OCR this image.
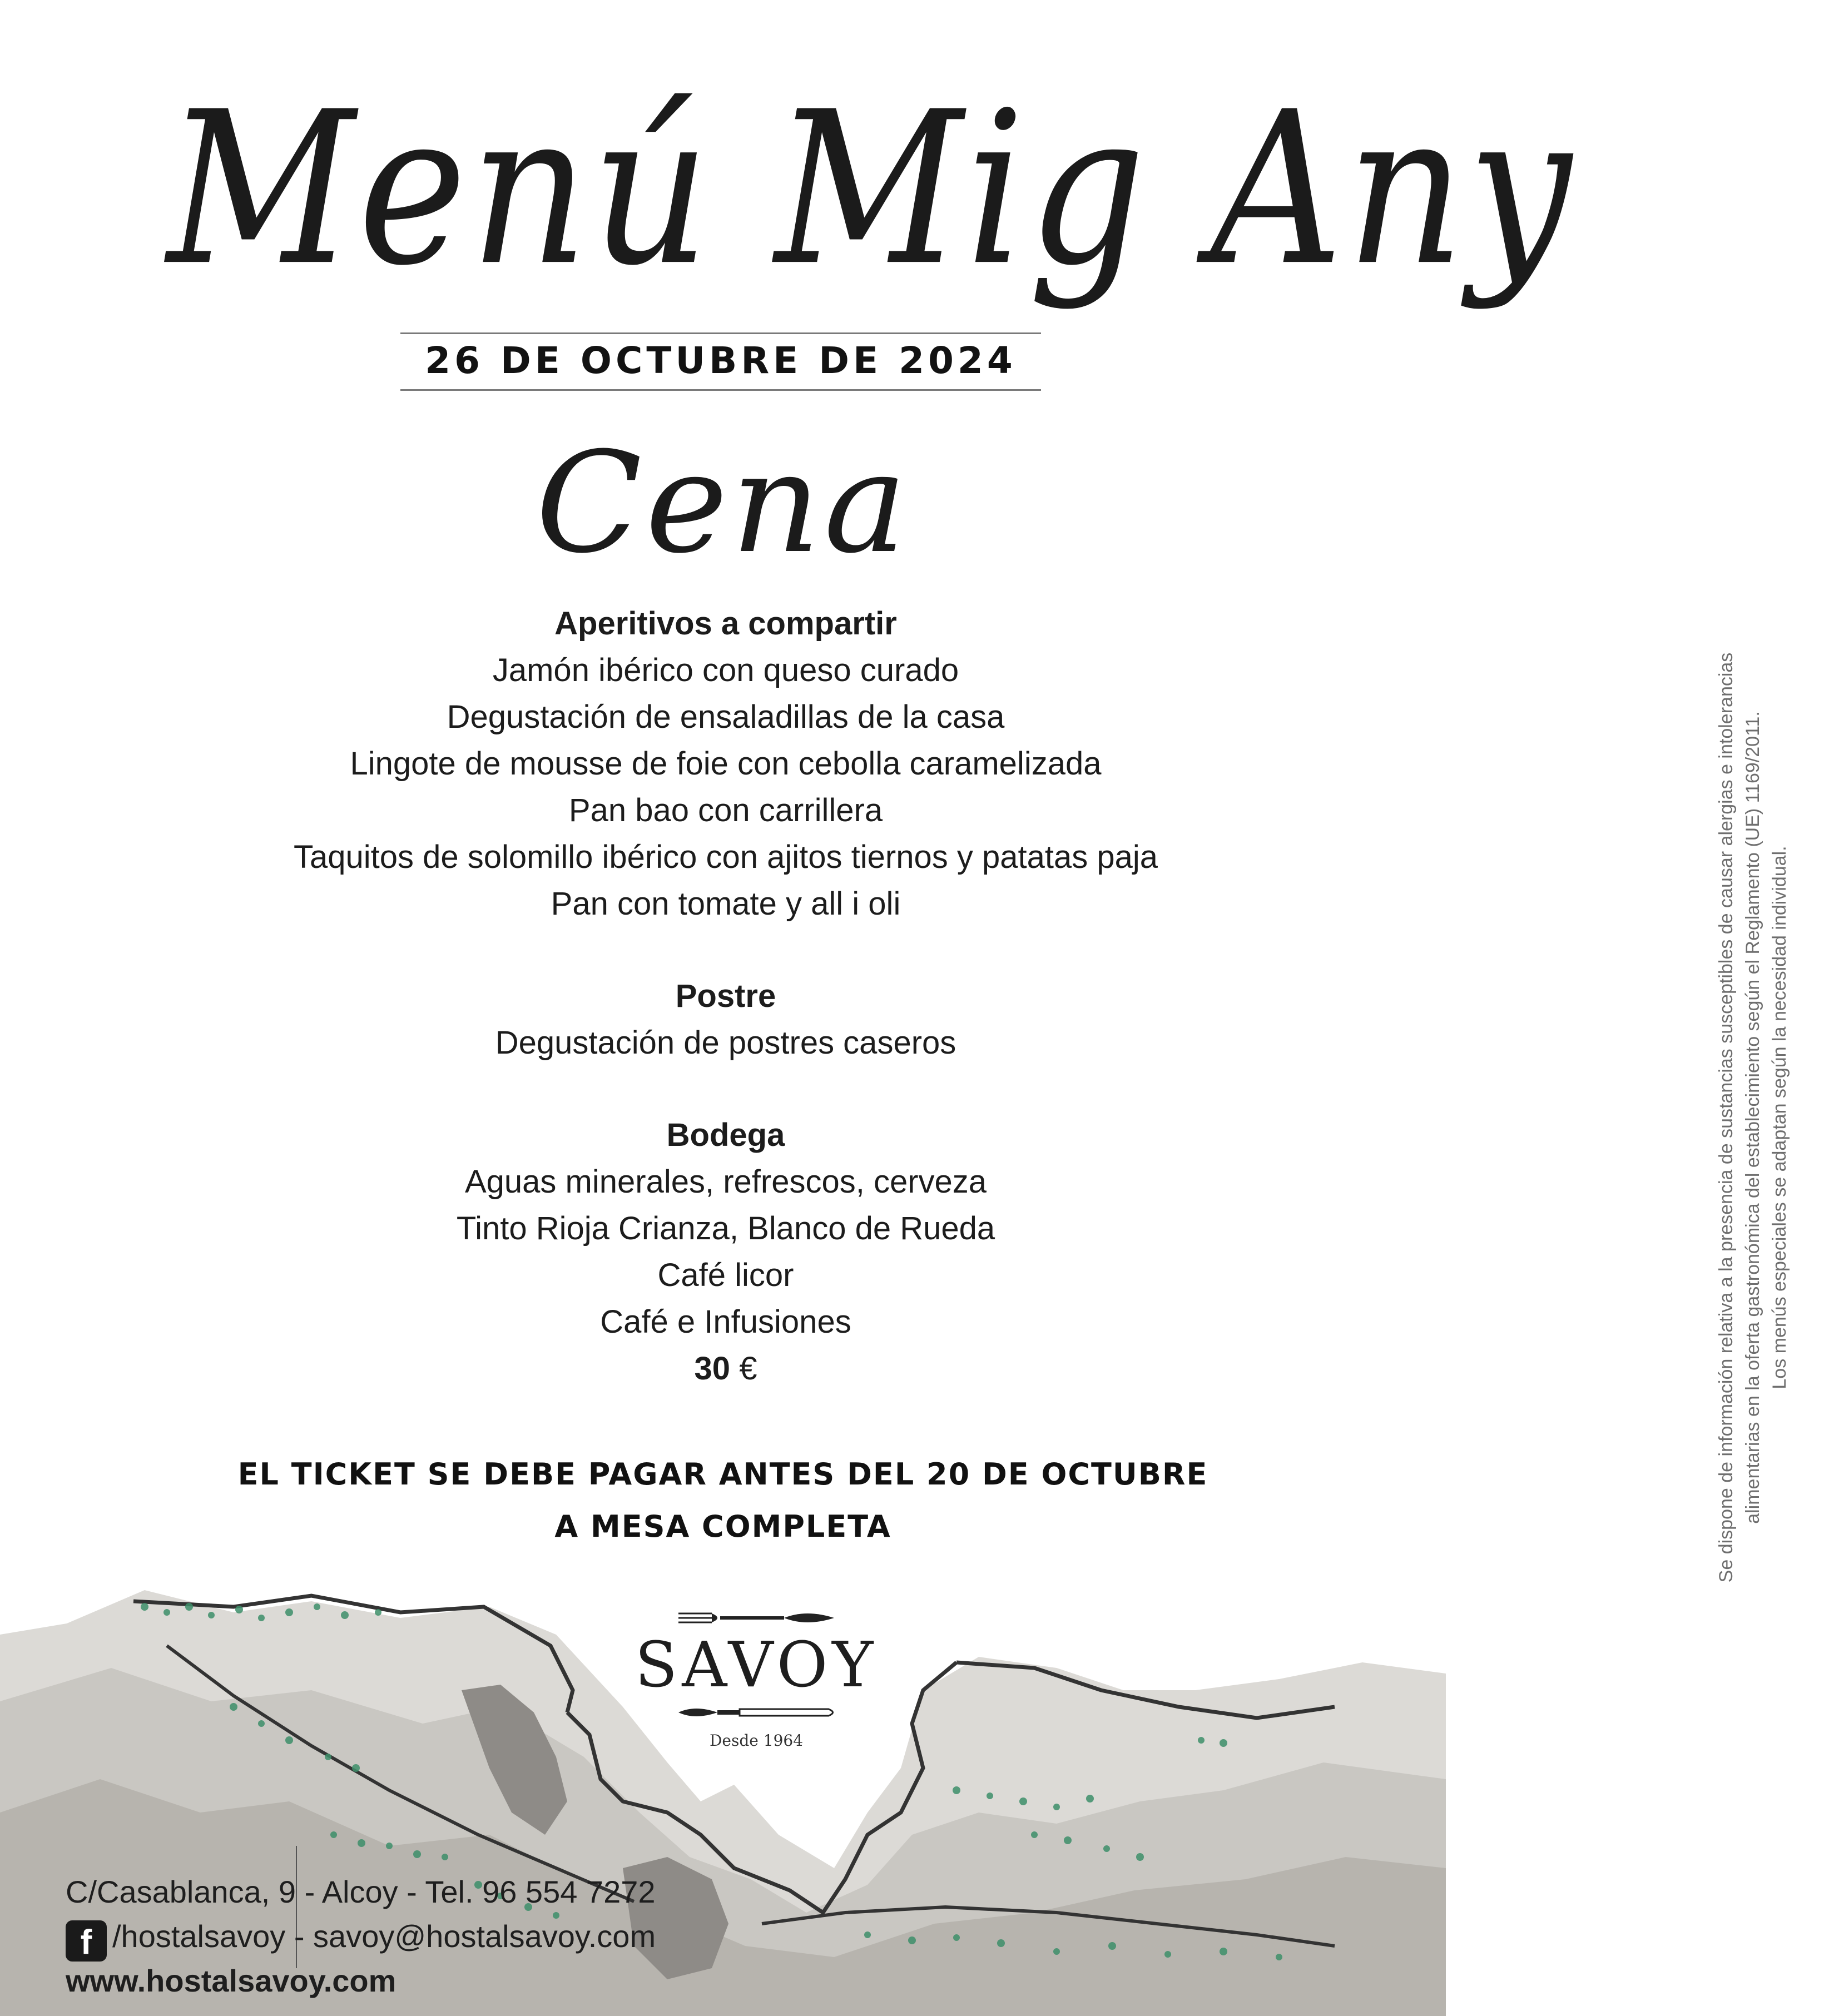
Menú Mig Any
26 DE OCTUBRE DE 2024
Cena
Aperitivos a compartir
Jamón ibérico con queso curado
Degustación de ensaladillas de la casa
Lingote de mousse de foie con cebolla caramelizada
Pan bao con carrillera
Taquitos de solomillo ibérico con ajitos tiernos y patatas paja
Pan con tomate y all i oli
Postre
Degustación de postres caseros
Bodega
Aguas minerales, refrescos, cerveza
Tinto Rioja Crianza, Blanco de Rueda
Café licor
Café e Infusiones
30 €
EL TICKET SE DEBE PAGAR ANTES DEL 20 DE OCTUBRE
A MESA COMPLETA	Se dispone de información relativa a la presencia de sustancias susceptibles de causar alergias e intolerancias alimentarias en la oferta gastronómica del establecimiento según el Reglamento (UE) 1169/2011. Los menús especiales se adaptan según la necesidad individual.
SAVOY
Desde 1964
C/Casablanca, 9 - Alcoy - Tel. 96 554 7272
f /hostalsavoy - savoy@hostalsavoy.com
www.hostalsavoy.com
